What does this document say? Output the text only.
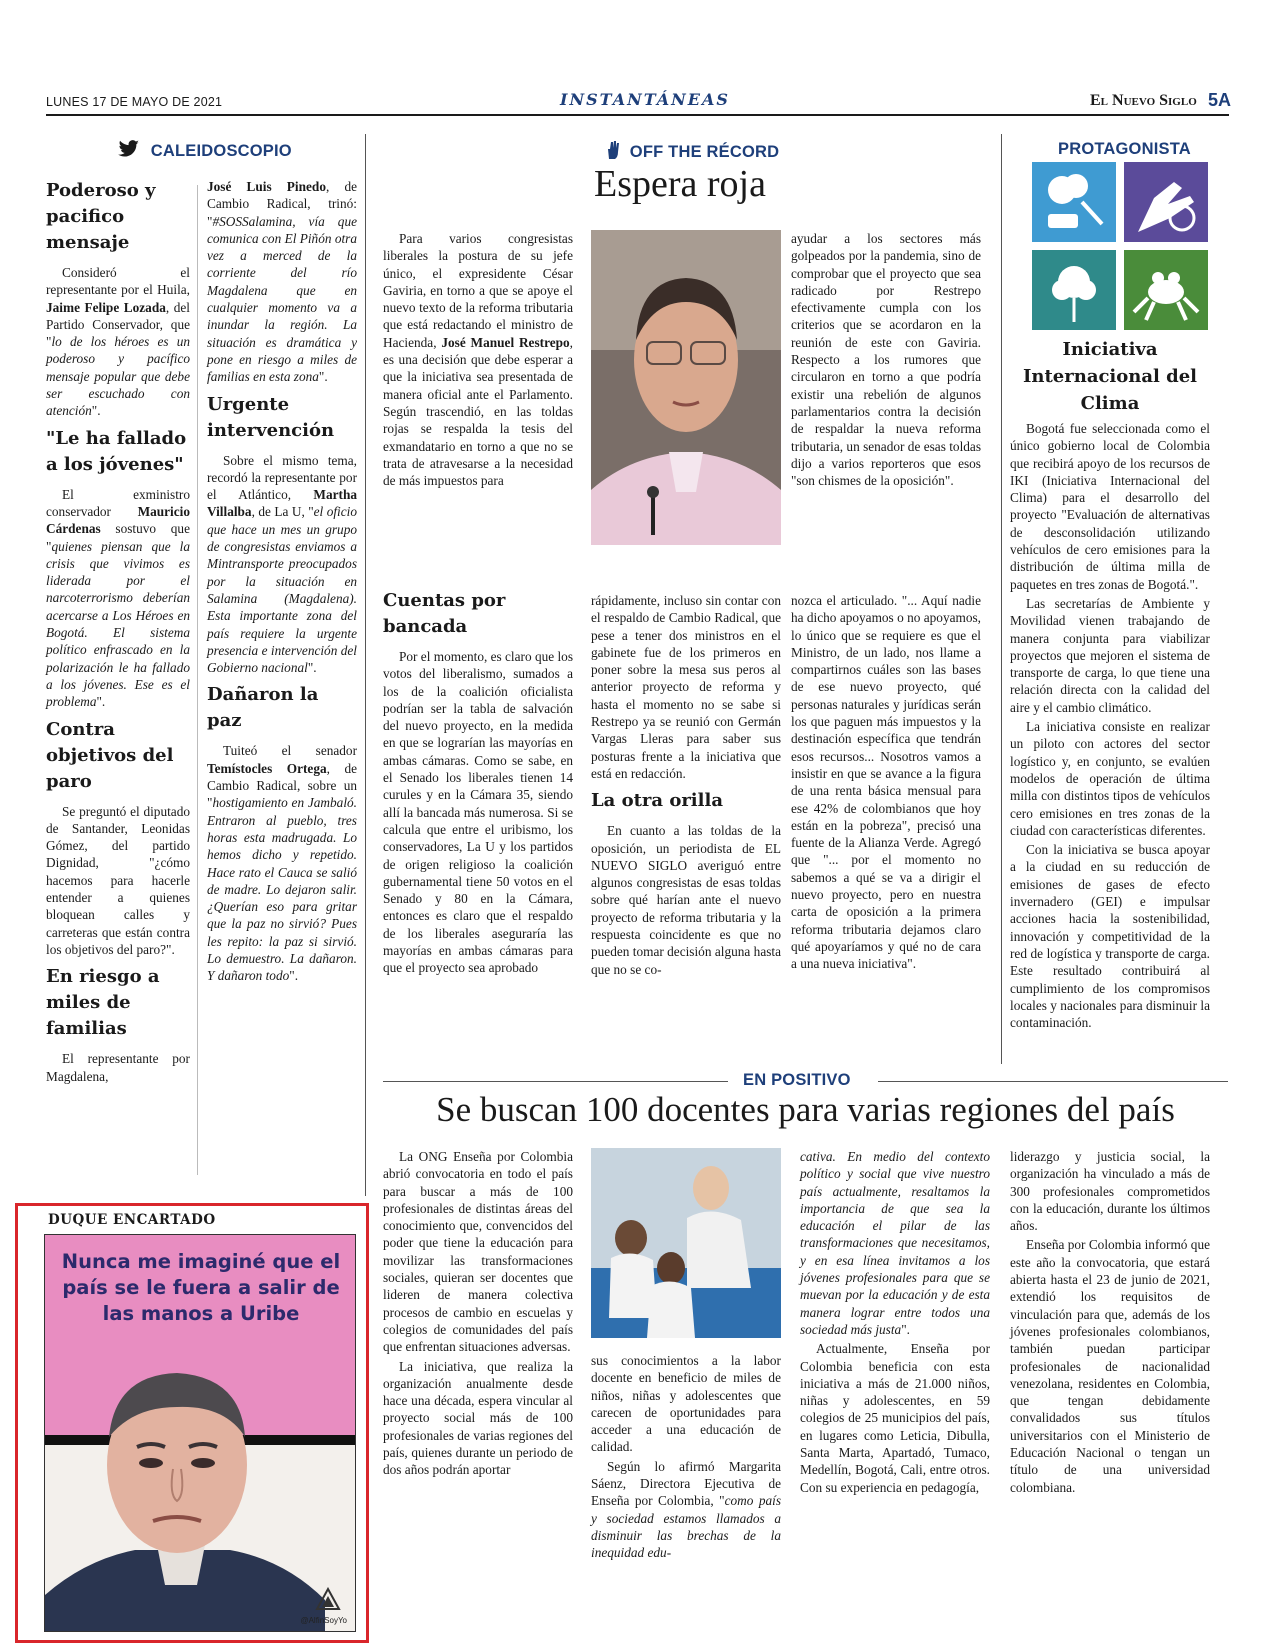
LUNES 17 DE MAYO DE 2021	INSTANTÁNEAS	El Nuevo Siglo 5A
CALEIDOSCOPIO
Poderoso y pacifico mensaje

Consideró el representante por el Huila, Jaime Felipe Lozada, del Partido Conservador, que "lo de los héroes es un poderoso y pacífico mensaje popular que debe ser escuchado con atención".

"Le ha fallado a los jóvenes"

El exministro conservador Mauricio Cárdenas sostuvo que "quienes piensan que la crisis que vivimos es liderada por el narcoterrorismo deberían acercarse a Los Héroes en Bogotá. El sistema político enfrascado en la polarización le ha fallado a los jóvenes. Ese es el problema".

Contra objetivos del paro

Se preguntó el diputado de Santander, Leonidas Gómez, del partido Dignidad, "¿cómo hacemos para hacerle entender a quienes bloquean calles y carreteras que están contra los objetivos del paro?".

En riesgo a miles de familias

El representante por Magdalena,

José Luis Pinedo, de Cambio Radical, trinó: "#SOSSalamina, vía que comunica con El Piñón otra vez a merced de la corriente del río Magdalena que en cualquier momento va a inundar la región. La situación es dramática y pone en riesgo a miles de familias en esta zona".

Urgente intervención

Sobre el mismo tema, recordó la representante por el Atlántico, Martha Villalba, de La U, "el oficio que hace un mes un grupo de congresistas enviamos a Mintransporte preocupados por la situación en Salamina (Magdalena). Esta importante zona del país requiere la urgente presencia e intervención del Gobierno nacional".

Dañaron la paz

Tuiteó el senador Temístocles Ortega, de Cambio Radical, sobre un "hostigamiento en Jambaló. Entraron al pueblo, tres horas esta madrugada. Lo hemos dicho y repetido. Hace rato el Cauca se salió de madre. Lo dejaron salir. ¿Querían eso para gritar que la paz no sirvió? Pues les repito: la paz si sirvió. Lo demuestro. La dañaron. Y dañaron todo".

DUQUE ENCARTADO
Nunca me imaginé que el país se le fuera a salir de las manos a Uribe
@AlfinSoyYo
OFF THE RÉCORD
Espera roja

Para varios congresistas liberales la postura de su jefe único, el expresidente César Gaviria, en torno a que se apoye el nuevo texto de la reforma tributaria que está redactando el ministro de Hacienda, José Manuel Restrepo, es una decisión que debe esperar a que la iniciativa sea presentada de manera oficial ante el Parlamento. Según trascendió, en las toldas rojas se respalda la tesis del exmandatario en torno a que no se trata de atravesarse a la necesidad de más impuestos para

ayudar a los sectores más golpeados por la pandemia, sino de comprobar que el proyecto que sea radicado por Restrepo efectivamente cumpla con los criterios que se acordaron en la reunión de este con Gaviria. Respecto a los rumores que circularon en torno a que podría existir una rebelión de algunos parlamentarios contra la decisión de respaldar la nueva reforma tributaria, un senador de esas toldas dijo a varios reporteros que esos "son chismes de la oposición".

Cuentas por bancada

Por el momento, es claro que los votos del liberalismo, sumados a los de la coalición oficialista podrían ser la tabla de salvación del nuevo proyecto, en la medida en que se lograrían las mayorías en ambas cámaras. Como se sabe, en el Senado los liberales tienen 14 curules y en la Cámara 35, siendo allí la bancada más numerosa. Si se calcula que entre el uribismo, los conservadores, La U y los partidos de origen religioso la coalición gubernamental tiene 50 votos en el Senado y 80 en la Cámara, entonces es claro que el respaldo de los liberales aseguraría las mayorías en ambas cámaras para que el proyecto sea aprobado

rápidamente, incluso sin contar con el respaldo de Cambio Radical, que pese a tener dos ministros en el gabinete fue de los primeros en poner sobre la mesa sus peros al anterior proyecto de reforma y hasta el momento no se sabe si Restrepo ya se reunió con Germán Vargas Lleras para saber sus posturas frente a la iniciativa que está en redacción.

La otra orilla

En cuanto a las toldas de la oposición, un periodista de EL NUEVO SIGLO averiguó entre algunos congresistas de esas toldas sobre qué harían ante el nuevo proyecto de reforma tributaria y la respuesta coincidente es que no pueden tomar decisión alguna hasta que no se co-

nozca el articulado. "... Aquí nadie ha dicho apoyamos o no apoyamos, lo único que se requiere es que el Ministro, de un lado, nos llame a compartirnos cuáles son las bases de ese nuevo proyecto, qué personas naturales y jurídicas serán los que paguen más impuestos y la destinación específica que tendrán esos recursos... Nosotros vamos a insistir en que se avance a la figura de una renta básica mensual para ese 42% de colombianos que hoy están en la pobreza", precisó una fuente de la Alianza Verde. Agregó que "... por el momento no sabemos a qué se va a dirigir el nuevo proyecto, pero en nuestra carta de oposición a la primera reforma tributaria dejamos claro qué apoyaríamos y qué no de cara a una nueva iniciativa".

PROTAGONISTA
Iniciativa Internacional del Clima

Bogotá fue seleccionada como el único gobierno local de Colombia que recibirá apoyo de los recursos de IKI (Iniciativa Internacional del Clima) para el desarrollo del proyecto "Evaluación de alternativas de desconsolidación utilizando vehículos de cero emisiones para la distribución de última milla de paquetes en tres zonas de Bogotá.".

Las secretarías de Ambiente y Movilidad vienen trabajando de manera conjunta para viabilizar proyectos que mejoren el sistema de transporte de carga, lo que tiene una relación directa con la calidad del aire y el cambio climático.

La iniciativa consiste en realizar un piloto con actores del sector logístico y, en conjunto, se evalúen modelos de operación de última milla con distintos tipos de vehículos cero emisiones en tres zonas de la ciudad con características diferentes.

Con la iniciativa se busca apoyar a la ciudad en su reducción de emisiones de gases de efecto invernadero (GEI) e impulsar acciones hacia la sostenibilidad, innovación y competitividad de la red de logística y transporte de carga. Este resultado contribuirá al cumplimiento de los compromisos locales y nacionales para disminuir la contaminación.

EN POSITIVO
Se buscan 100 docentes para varias regiones del país

La ONG Enseña por Colombia abrió convocatoria en todo el país para buscar a más de 100 profesionales de distintas áreas del conocimiento que, convencidos del poder que tiene la educación para movilizar las transformaciones sociales, quieran ser docentes que lideren de manera colectiva procesos de cambio en escuelas y colegios de comunidades del país que enfrentan situaciones adversas.

La iniciativa, que realiza la organización anualmente desde hace una década, espera vincular al proyecto social más de 100 profesionales de varias regiones del país, quienes durante un periodo de dos años podrán aportar

sus conocimientos a la labor docente en beneficio de miles de niños, niñas y adolescentes que carecen de oportunidades para acceder a una educación de calidad.

Según lo afirmó Margarita Sáenz, Directora Ejecutiva de Enseña por Colombia, "como país y sociedad estamos llamados a disminuir las brechas de la inequidad edu-

cativa. En medio del contexto político y social que vive nuestro país actualmente, resaltamos la importancia de que sea la educación el pilar de las transformaciones que necesitamos, y en esa línea invitamos a los jóvenes profesionales para que se muevan por la educación y de esta manera lograr entre todos una sociedad más justa".

Actualmente, Enseña por Colombia beneficia con esta iniciativa a más de 21.000 niños, niñas y adolescentes, en 59 colegios de 25 municipios del país, en lugares como Leticia, Dibulla, Santa Marta, Apartadó, Tumaco, Medellín, Bogotá, Cali, entre otros. Con su experiencia en pedagogía,

liderazgo y justicia social, la organización ha vinculado a más de 300 profesionales comprometidos con la educación, durante los últimos años.

Enseña por Colombia informó que este año la convocatoria, que estará abierta hasta el 23 de junio de 2021, extendió los requisitos de vinculación para que, además de los jóvenes profesionales colombianos, también puedan participar profesionales de nacionalidad venezolana, residentes en Colombia, que tengan debidamente convalidados sus títulos universitarios con el Ministerio de Educación Nacional o tengan un título de una universidad colombiana.
